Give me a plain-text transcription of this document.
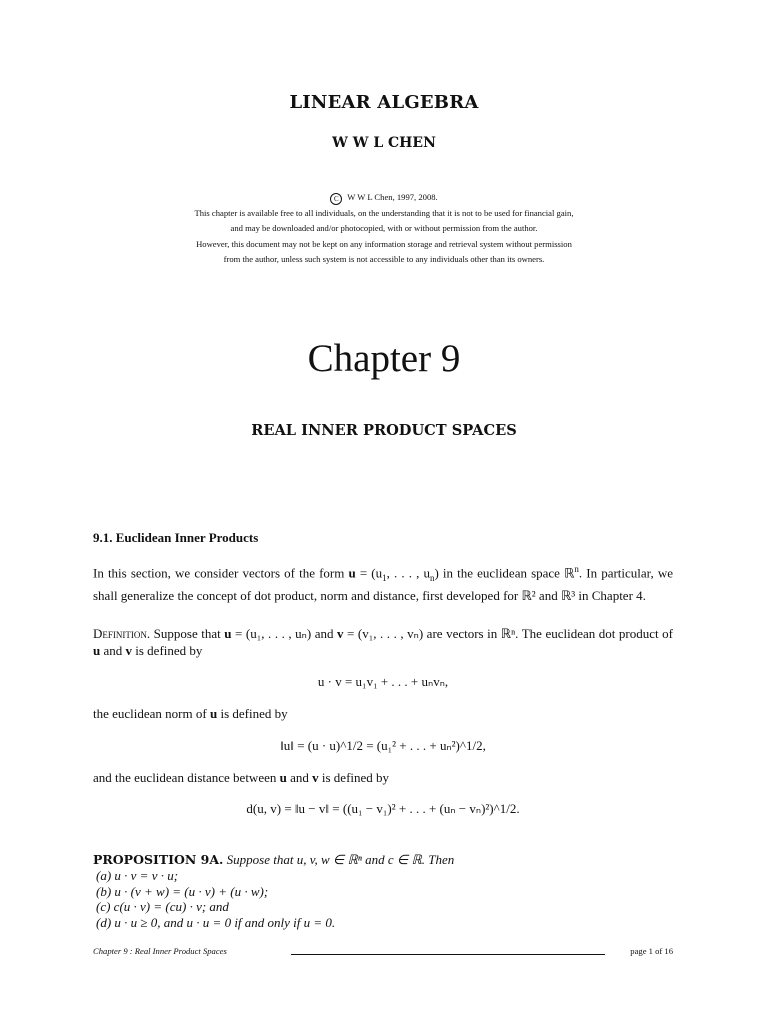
LINEAR ALGEBRA
W W L CHEN
C W W L Chen, 1997, 2008.
This chapter is available free to all individuals, on the understanding that it is not to be used for financial gain,
and may be downloaded and/or photocopied, with or without permission from the author.
However, this document may not be kept on any information storage and retrieval system without permission
from the author, unless such system is not accessible to any individuals other than its owners.
Chapter 9
REAL INNER PRODUCT SPACES
9.1. Euclidean Inner Products
In this section, we consider vectors of the form $u = (u_1$, . . . , $u_n$) in the euclidean space ℝ$^n$. In particular, we shall generalize the concept of dot product, norm and distance, first developed for ℝ² and ℝ³ in Chapter 4.
Definition. Suppose that u = (u₁, . . . , uₙ) and v = (v₁, . . . , vₙ) are vectors in ℝⁿ. The euclidean dot product of u and v is defined by
u · v = u₁v₁ + . . . + uₙvₙ,
the euclidean norm of u is defined by
‖u‖ = (u · u)^1/2 = (u₁² + . . . + uₙ²)^1/2,
and the euclidean distance between u and v is defined by
d(u, v) = ‖u − v‖ = ((u₁ − v₁)² + . . . + (uₙ − vₙ)²)^1/2.
PROPOSITION 9A. Suppose that u, v, w ∈ ℝⁿ and c ∈ ℝ. Then
(a) u · v = v · u;
(b) u · (v + w) = (u · v) + (u · w);
(c) c(u · v) = (cu) · v; and
(d) u · u ≥ 0, and u · u = 0 if and only if u = 0.
Chapter 9 : Real Inner Product Spaces	page 1 of 16
